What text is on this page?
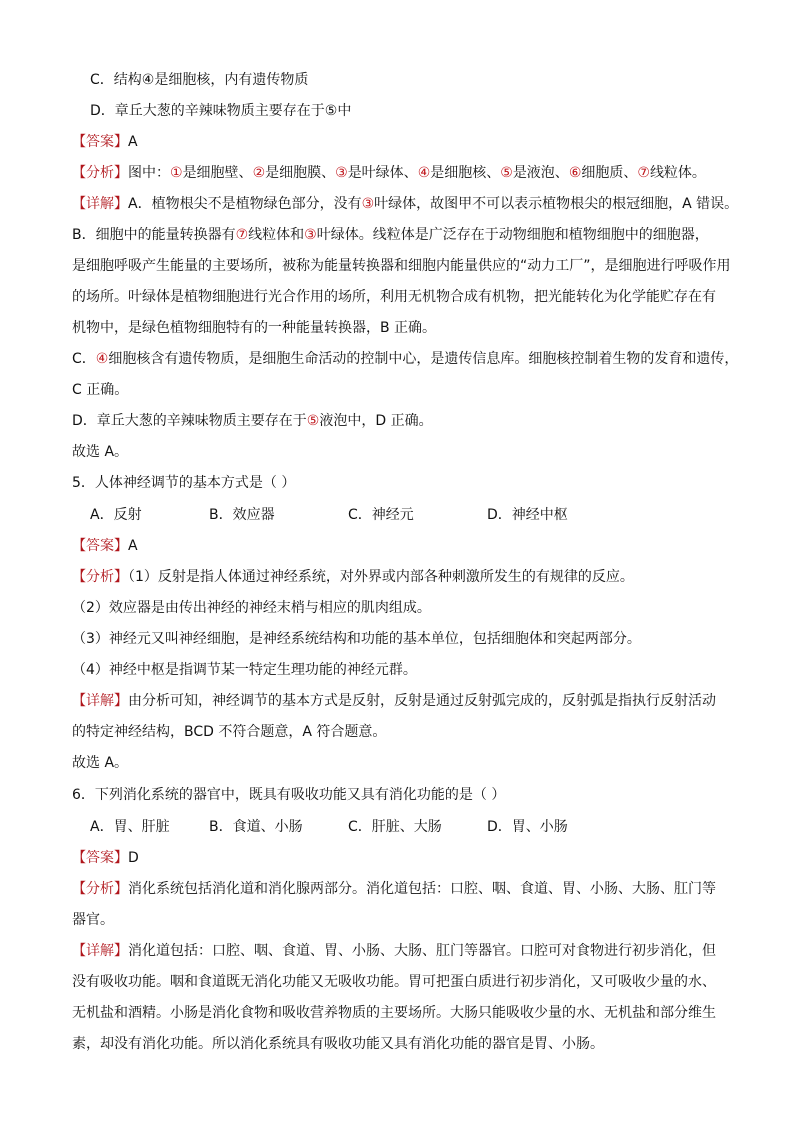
C．结构④是细胞核，内有遗传物质
D．章丘大葱的辛辣味物质主要存在于⑤中
【答案】A
【分析】图中：①是细胞壁、②是细胞膜、③是叶绿体、④是细胞核、⑤是液泡、⑥细胞质、⑦线粒体。
【详解】A．植物根尖不是植物绿色部分，没有③叶绿体，故图甲不可以表示植物根尖的根冠细胞，A 错误。
B．细胞中的能量转换器有⑦线粒体和③叶绿体。线粒体是广泛存在于动物细胞和植物细胞中的细胞器，
是细胞呼吸产生能量的主要场所，被称为能量转换器和细胞内能量供应的“动力工厂”，是细胞进行呼吸作用
的场所。叶绿体是植物细胞进行光合作用的场所，利用无机物合成有机物，把光能转化为化学能贮存在有
机物中，是绿色植物细胞特有的一种能量转换器，B 正确。
C．④细胞核含有遗传物质，是细胞生命活动的控制中心，是遗传信息库。细胞核控制着生物的发育和遗传，
C 正确。
D．章丘大葱的辛辣味物质主要存在于⑤液泡中，D 正确。
故选 A。
5．人体神经调节的基本方式是（ ）
A．反射	B．效应器	C．神经元	D．神经中枢
【答案】A
【分析】（1）反射是指人体通过神经系统，对外界或内部各种刺激所发生的有规律的反应。
（2）效应器是由传出神经的神经末梢与相应的肌肉组成。
（3）神经元又叫神经细胞，是神经系统结构和功能的基本单位，包括细胞体和突起两部分。
（4）神经中枢是指调节某一特定生理功能的神经元群。
【详解】由分析可知，神经调节的基本方式是反射，反射是通过反射弧完成的，反射弧是指执行反射活动
的特定神经结构，BCD 不符合题意，A 符合题意。
故选 A。
6．下列消化系统的器官中，既具有吸收功能又具有消化功能的是（ ）
A．胃、肝脏	B．食道、小肠	C．肝脏、大肠	D．胃、小肠
【答案】D
【分析】消化系统包括消化道和消化腺两部分。消化道包括：口腔、咽、食道、胃、小肠、大肠、肛门等
器官。
【详解】消化道包括：口腔、咽、食道、胃、小肠、大肠、肛门等器官。口腔可对食物进行初步消化，但
没有吸收功能。咽和食道既无消化功能又无吸收功能。胃可把蛋白质进行初步消化，又可吸收少量的水、
无机盐和酒精。小肠是消化食物和吸收营养物质的主要场所。大肠只能吸收少量的水、无机盐和部分维生
素，却没有消化功能。所以消化系统具有吸收功能又具有消化功能的器官是胃、小肠。
